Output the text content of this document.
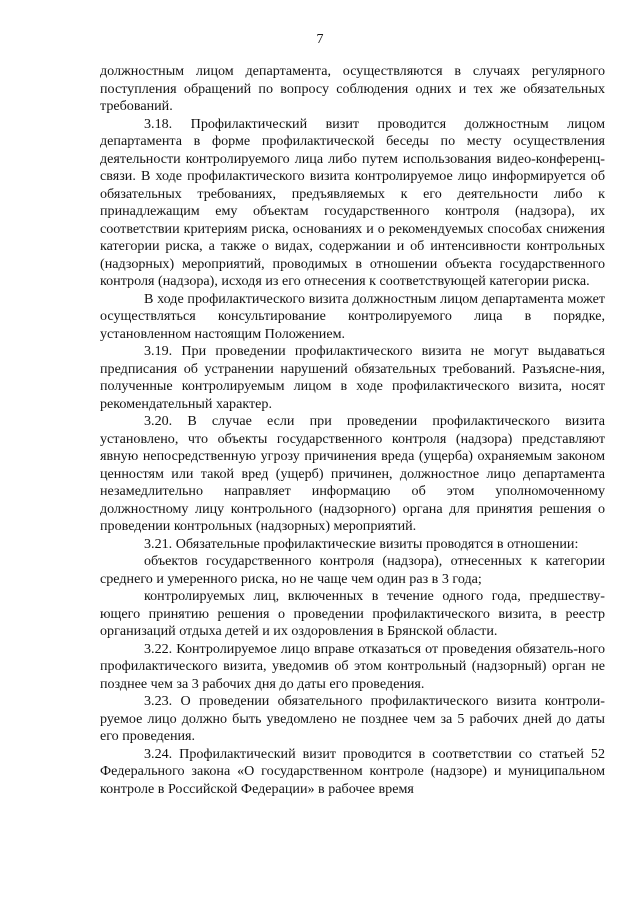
7

должностным лицом департамента, осуществляются в случаях регулярного поступления обращений по вопросу соблюдения одних и тех же обязательных требований.

3.18. Профилактический визит проводится должностным лицом департамента в форме профилактической беседы по месту осуществления деятельности контролируемого лица либо путем использования видео-конференц-связи. В ходе профилактического визита контролируемое лицо информируется об обязательных требованиях, предъявляемых к его деятельности либо к принадлежащим ему объектам государственного контроля (надзора), их соответствии критериям риска, основаниях и о рекомендуемых способах снижения категории риска, а также о видах, содержании и об интенсивности контрольных (надзорных) мероприятий, проводимых в отношении объекта государственного контроля (надзора), исходя из его отнесения к соответствующей категории риска.

В ходе профилактического визита должностным лицом департамента может осуществляться консультирование контролируемого лица в порядке, установленном настоящим Положением.

3.19. При проведении профилактического визита не могут выдаваться предписания об устранении нарушений обязательных требований. Разъясне-ния, полученные контролируемым лицом в ходе профилактического визита, носят рекомендательный характер.

3.20. В случае если при проведении профилактического визита установлено, что объекты государственного контроля (надзора) представляют явную непосредственную угрозу причинения вреда (ущерба) охраняемым законом ценностям или такой вред (ущерб) причинен, должностное лицо департамента незамедлительно направляет информацию об этом уполномоченному должностному лицу контрольного (надзорного) органа для принятия решения о проведении контрольных (надзорных) мероприятий.

3.21. Обязательные профилактические визиты проводятся в отношении:

объектов государственного контроля (надзора), отнесенных к категории среднего и умеренного риска, но не чаще чем один раз в 3 года;

контролируемых лиц, включенных в течение одного года, предшеству-ющего принятию решения о проведении профилактического визита, в реестр организаций отдыха детей и их оздоровления в Брянской области.

3.22. Контролируемое лицо вправе отказаться от проведения обязатель-ного профилактического визита, уведомив об этом контрольный (надзорный) орган не позднее чем за 3 рабочих дня до даты его проведения.

3.23. О проведении обязательного профилактического визита контроли-руемое лицо должно быть уведомлено не позднее чем за 5 рабочих дней до даты его проведения.

3.24. Профилактический визит проводится в соответствии со статьей 52 Федерального закона «О государственном контроле (надзоре) и муниципальном контроле в Российской Федерации» в рабочее время
